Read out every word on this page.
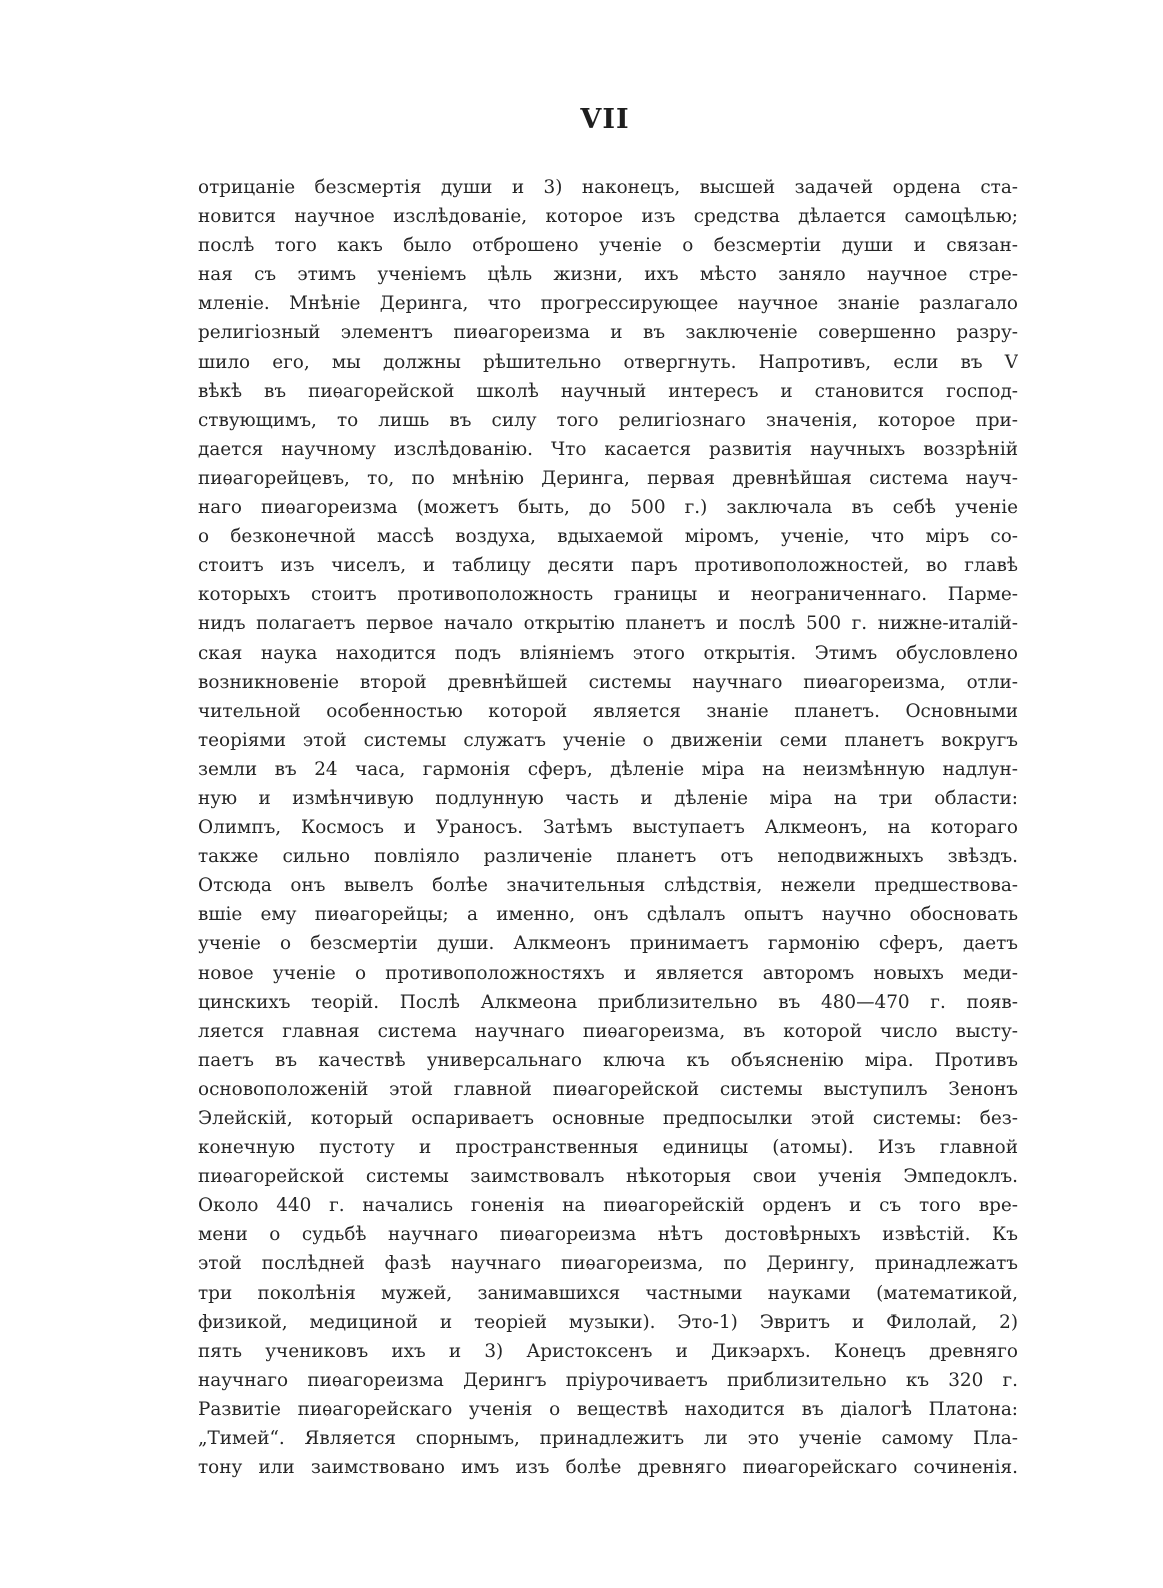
VII
отрицаніе безсмертія души и 3) наконецъ, высшей задачей ордена ста-
новится научное изслѣдованіе, которое изъ средства дѣлается самоцѣлью;
послѣ того какъ было отброшено ученіе о безсмертіи души и связан-
ная съ этимъ ученіемъ цѣль жизни, ихъ мѣсто заняло научное стре-
мленіе. Мнѣніе Деринга, что прогрессирующее научное знаніе разлагало
религіозный элементъ пиѳагореизма и въ заключеніе совершенно разру-
шило его, мы должны рѣшительно отвергнуть. Напротивъ, если въ V
вѣкѣ въ пиѳагорейской школѣ научный интересъ и становится господ-
ствующимъ, то лишь въ силу того религіознаго значенія, которое при-
дается научному изслѣдованію. Что касается развитія научныхъ воззрѣній
пиѳагорейцевъ, то, по мнѣнію Деринга, первая древнѣйшая система науч-
наго пиѳагореизма (можетъ быть, до 500 г.) заключала въ себѣ ученіе
о безконечной массѣ воздуха, вдыхаемой міромъ, ученіе, что міръ со-
стоитъ изъ чиселъ, и таблицу десяти паръ противоположностей, во главѣ
которыхъ стоитъ противоположность границы и неограниченнаго. Парме-
нидъ полагаетъ первое начало открытію планетъ и послѣ 500 г. нижне-италій-
ская наука находится подъ вліяніемъ этого открытія. Этимъ обусловлено
возникновеніе второй древнѣйшей системы научнаго пиѳагореизма, отли-
чительной особенностью которой является знаніе планетъ. Основными
теоріями этой системы служатъ ученіе о движеніи семи планетъ вокругъ
земли въ 24 часа, гармонія сферъ, дѣленіе міра на неизмѣнную надлун-
ную и измѣнчивую подлунную часть и дѣленіе міра на три области:
Олимпъ, Космосъ и Ураносъ. Затѣмъ выступаетъ Алкмеонъ, на котораго
также сильно повліяло различеніе планетъ отъ неподвижныхъ звѣздъ.
Отсюда онъ вывелъ болѣе значительныя слѣдствія, нежели предшествова-
вшіе ему пиѳагорейцы; а именно, онъ сдѣлалъ опытъ научно обосновать
ученіе о безсмертіи души. Алкмеонъ принимаетъ гармонію сферъ, даетъ
новое ученіе о противоположностяхъ и является авторомъ новыхъ меди-
цинскихъ теорій. Послѣ Алкмеона приблизительно въ 480—470 г. появ-
ляется главная система научнаго пиѳагореизма, въ которой число высту-
паетъ въ качествѣ универсальнаго ключа къ объясненію міра. Противъ
основоположеній этой главной пиѳагорейской системы выступилъ Зенонъ
Элейскій, который оспариваетъ основные предпосылки этой системы: без-
конечную пустоту и пространственныя единицы (атомы). Изъ главной
пиѳагорейской системы заимствовалъ нѣкоторыя свои ученія Эмпедоклъ.
Около 440 г. начались гоненія на пиѳагорейскій орденъ и съ того вре-
мени о судьбѣ научнаго пиѳагореизма нѣтъ достовѣрныхъ извѣстій. Къ
этой послѣдней фазѣ научнаго пиѳагореизма, по Дерингу, принадлежатъ
три поколѣнія мужей, занимавшихся частными науками (математикой,
физикой, медициной и теоріей музыки). Это-1) Эвритъ и Филолай, 2)
пять учениковъ ихъ и 3) Аристоксенъ и Дикэархъ. Конецъ древняго
научнаго пиѳагореизма Дерингъ пріурочиваетъ приблизительно къ 320 г.
Развитіе пиѳагорейскаго ученія о веществѣ находится въ діалогѣ Платона:
„Тимей“. Является спорнымъ, принадлежитъ ли это ученіе самому Пла-
тону или заимствовано имъ изъ болѣе древняго пиѳагорейскаго сочиненія.
